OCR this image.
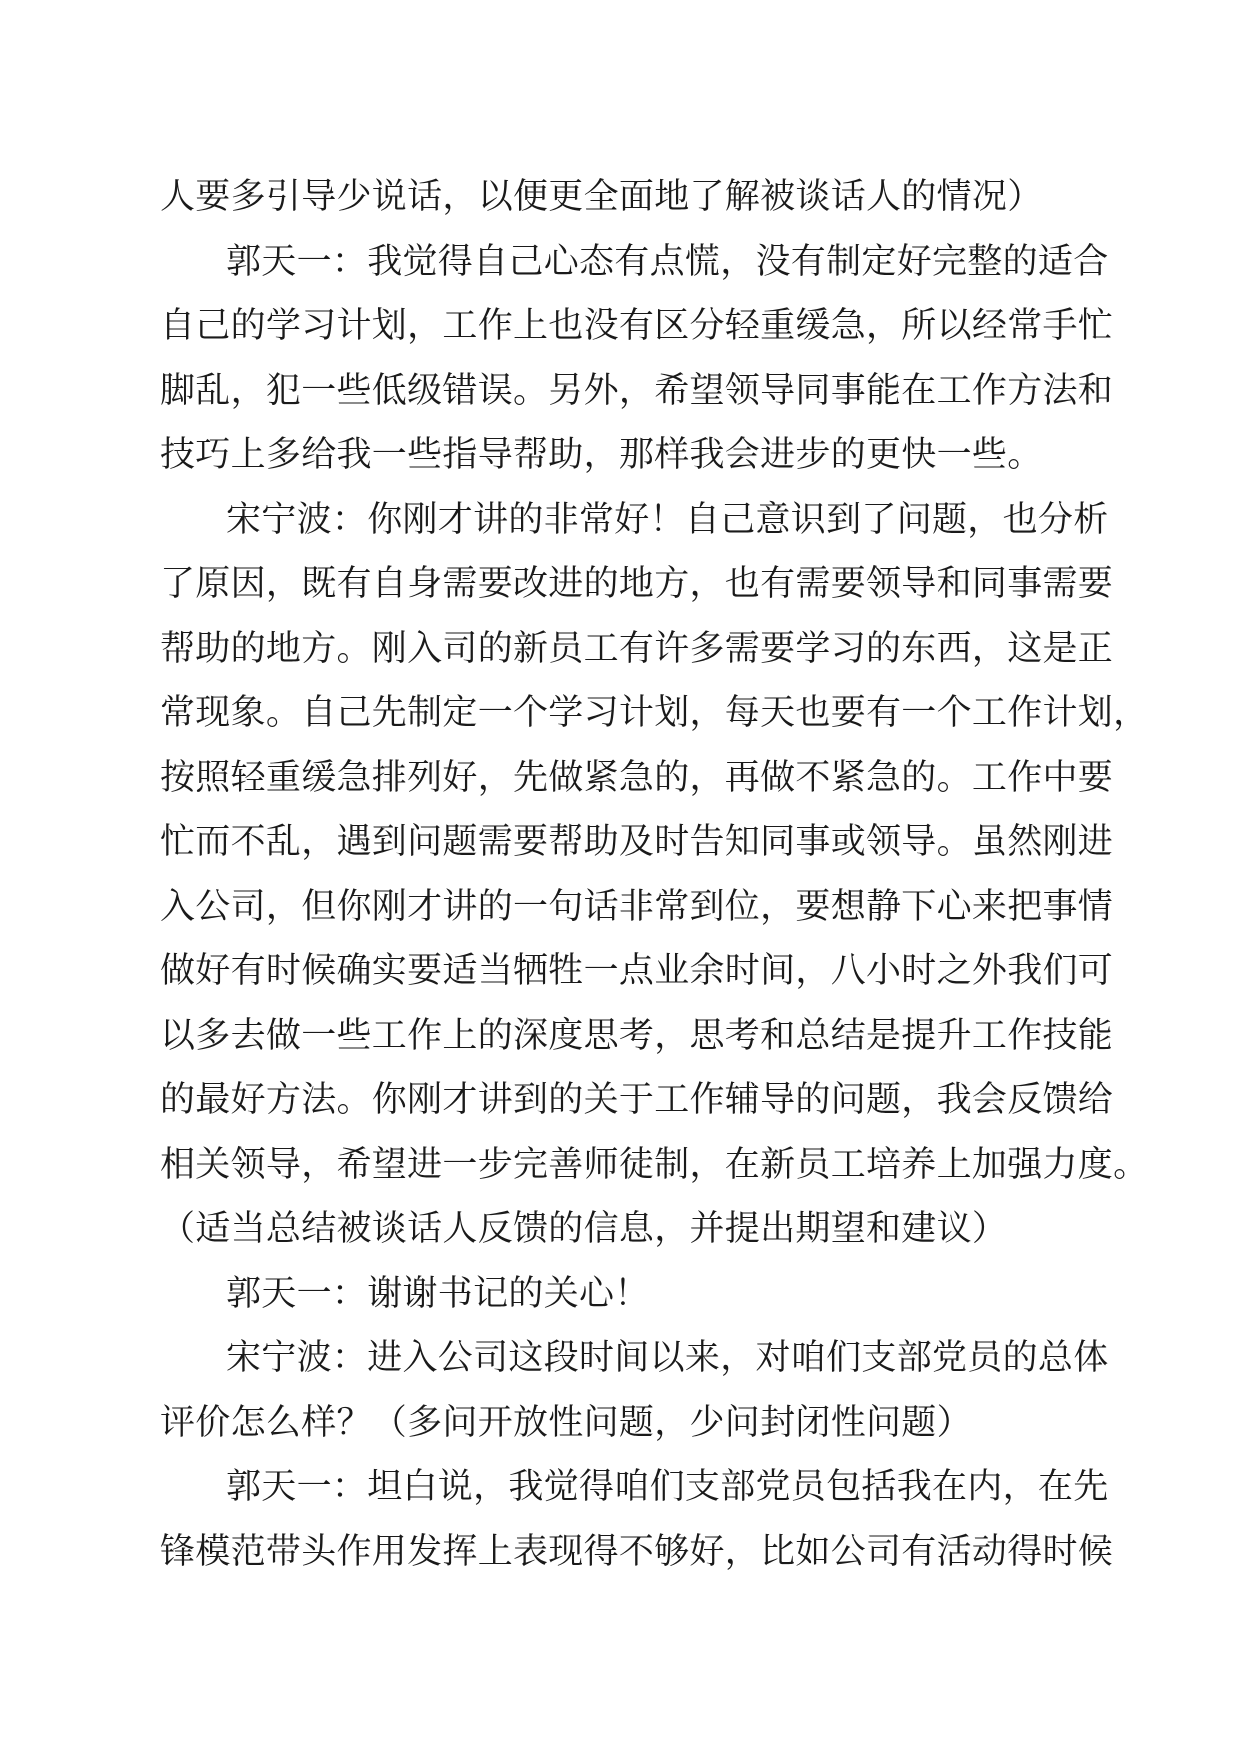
人要多引导少说话，以便更全面地了解被谈话人的情况）
郭天一：我觉得自己心态有点慌，没有制定好完整的适合
自己的学习计划，工作上也没有区分轻重缓急，所以经常手忙
脚乱，犯一些低级错误。另外，希望领导同事能在工作方法和
技巧上多给我一些指导帮助，那样我会进步的更快一些。
宋宁波：你刚才讲的非常好！自己意识到了问题，也分析
了原因，既有自身需要改进的地方，也有需要领导和同事需要
帮助的地方。刚入司的新员工有许多需要学习的东西，这是正
常现象。自己先制定一个学习计划，每天也要有一个工作计划，
按照轻重缓急排列好，先做紧急的，再做不紧急的。工作中要
忙而不乱，遇到问题需要帮助及时告知同事或领导。虽然刚进
入公司，但你刚才讲的一句话非常到位，要想静下心来把事情
做好有时候确实要适当牺牲一点业余时间，八小时之外我们可
以多去做一些工作上的深度思考，思考和总结是提升工作技能
的最好方法。你刚才讲到的关于工作辅导的问题，我会反馈给
相关领导，希望进一步完善师徒制，在新员工培养上加强力度。
（适当总结被谈话人反馈的信息，并提出期望和建议）
郭天一：谢谢书记的关心！
宋宁波：进入公司这段时间以来，对咱们支部党员的总体
评价怎么样？（多问开放性问题，少问封闭性问题）
郭天一：坦白说，我觉得咱们支部党员包括我在内，在先
锋模范带头作用发挥上表现得不够好，比如公司有活动得时候
